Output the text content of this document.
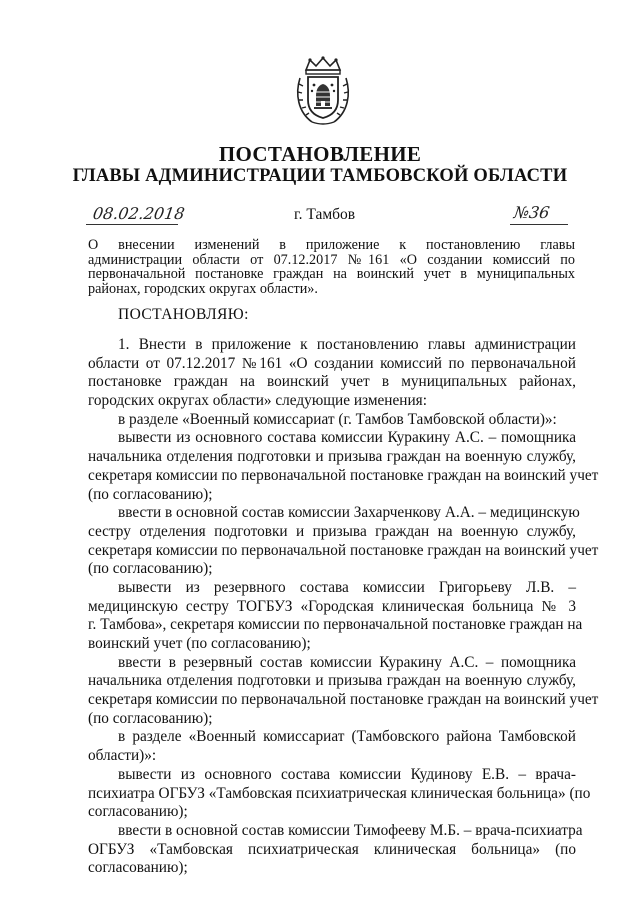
ПОСТАНОВЛЕНИЕ
ГЛАВЫ АДМИНИСТРАЦИИ ТАМБОВСКОЙ ОБЛАСТИ
08.02.2018	г. Тамбов	№36
О внесении изменений в приложение к постановлению главы
администрации области от 07.12.2017 №161 «О создании комиссий по
первоначальной постановке граждан на воинский учет в муниципальных
районах, городских округах области».
ПОСТАНОВЛЯЮ:
1. Внести в приложение к постановлению главы администрации
области от 07.12.2017 №161 «О создании комиссий по первоначальной
постановке граждан на воинский учет в муниципальных районах,
городских округах области» следующие изменения:
в разделе «Военный комиссариат (г. Тамбов Тамбовской области)»:
вывести из основного состава комиссии Куракину А.С. – помощника
начальника отделения подготовки и призыва граждан на военную службу,
секретаря комиссии по первоначальной постановке граждан на воинский учет
(по согласованию);
ввести в основной состав комиссии Захарченкову А.А. – медицинскую
сестру отделения подготовки и призыва граждан на военную службу,
секретаря комиссии по первоначальной постановке граждан на воинский учет
(по согласованию);
вывести из резервного состава комиссии Григорьеву Л.В. –
медицинскую сестру ТОГБУЗ «Городская клиническая больница № 3
г. Тамбова», секретаря комиссии по первоначальной постановке граждан на
воинский учет (по согласованию);
ввести в резервный состав комиссии Куракину А.С. – помощника
начальника отделения подготовки и призыва граждан на военную службу,
секретаря комиссии по первоначальной постановке граждан на воинский учет
(по согласованию);
в разделе «Военный комиссариат (Тамбовского района Тамбовской
области)»:
вывести из основного состава комиссии Кудинову Е.В. – врача-
психиатра ОГБУЗ «Тамбовская психиатрическая клиническая больница» (по
согласованию);
ввести в основной состав комиссии Тимофееву М.Б. – врача-психиатра
ОГБУЗ «Тамбовская психиатрическая клиническая больница» (по
согласованию);
